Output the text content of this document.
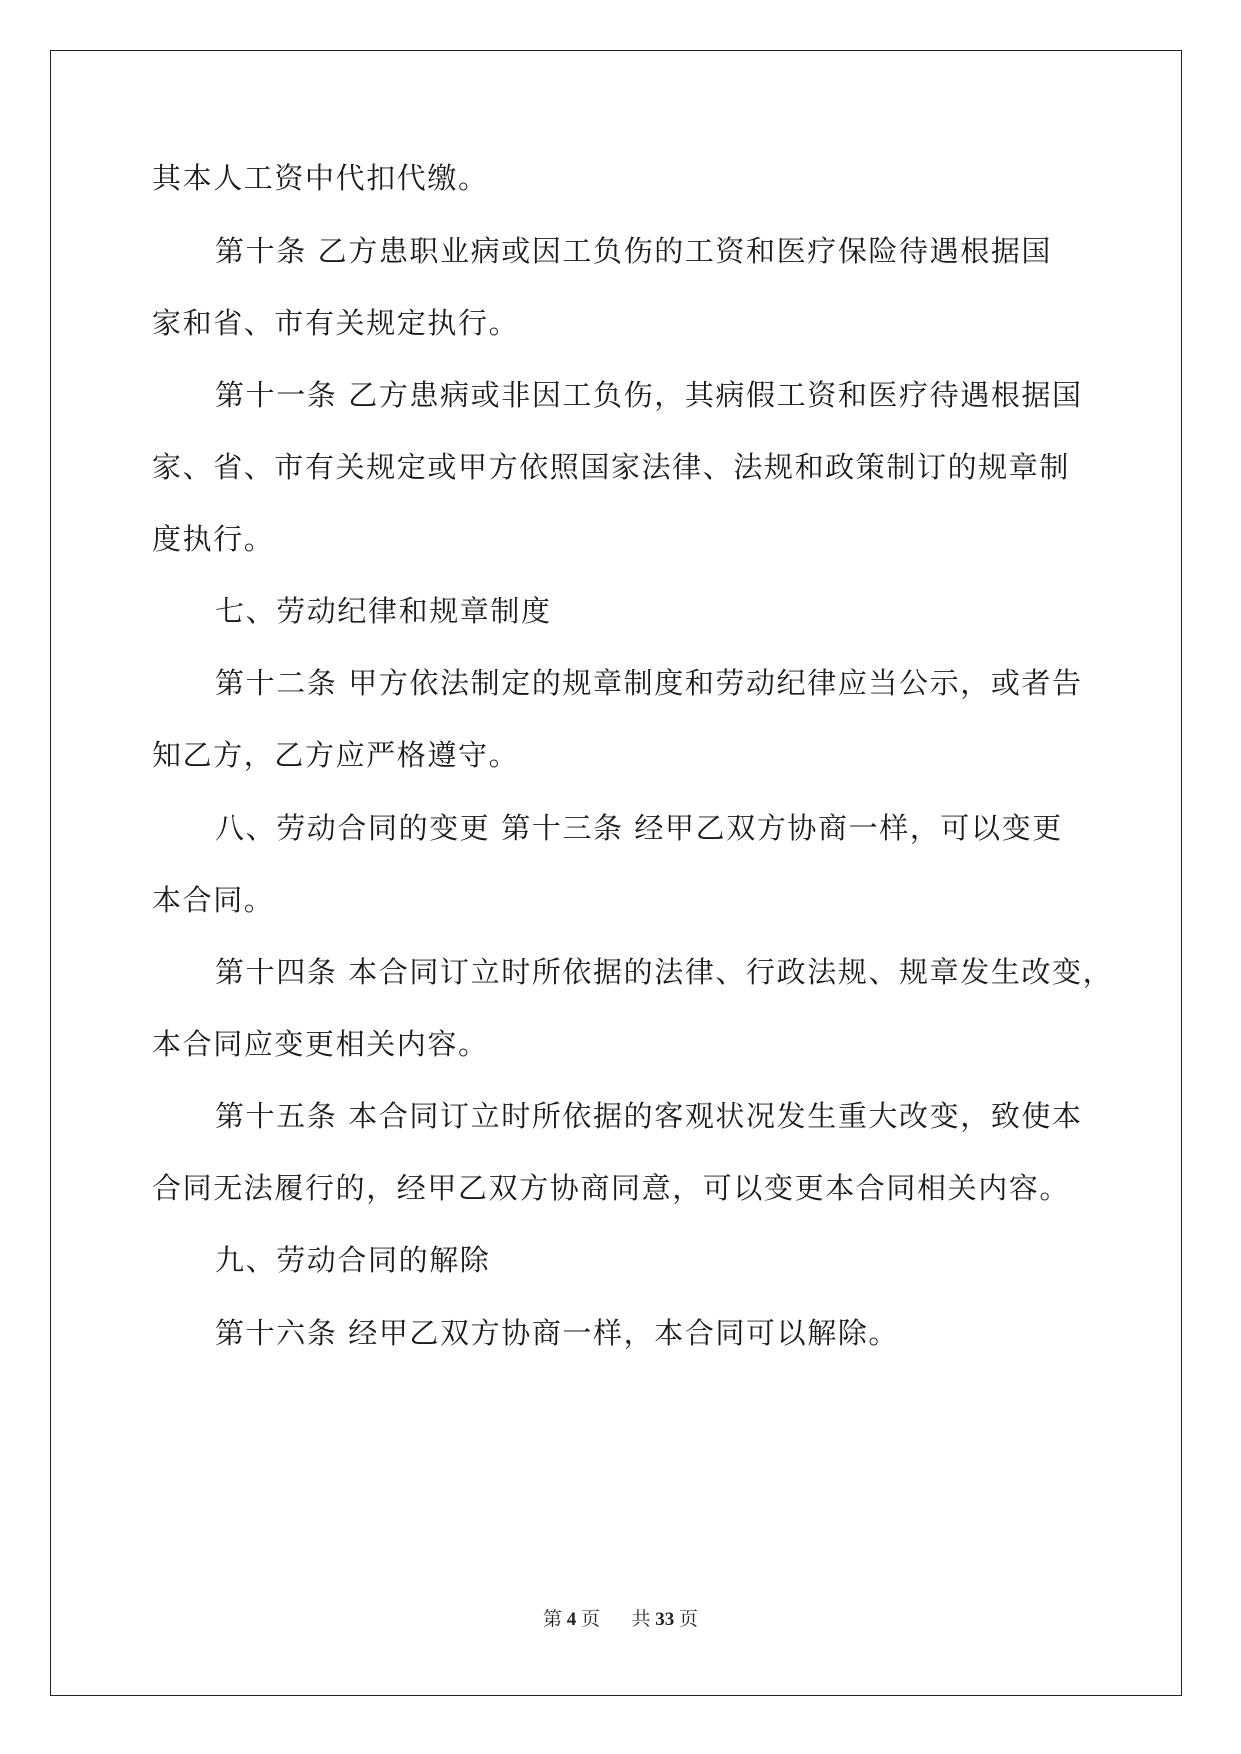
其本人工资中代扣代缴。
第十条 乙方患职业病或因工负伤的工资和医疗保险待遇根据国
家和省、市有关规定执行。
第十一条 乙方患病或非因工负伤，其病假工资和医疗待遇根据国
家、省、市有关规定或甲方依照国家法律、法规和政策制订的规章制
度执行。
七、劳动纪律和规章制度
第十二条 甲方依法制定的规章制度和劳动纪律应当公示，或者告
知乙方，乙方应严格遵守。
八、劳动合同的变更 第十三条 经甲乙双方协商一样，可以变更
本合同。
第十四条 本合同订立时所依据的法律、行政法规、规章发生改变，
本合同应变更相关内容。
第十五条 本合同订立时所依据的客观状况发生重大改变，致使本
合同无法履行的，经甲乙双方协商同意，可以变更本合同相关内容。
九、劳动合同的解除
第十六条 经甲乙双方协商一样，本合同可以解除。
第 4 页 共 33 页
